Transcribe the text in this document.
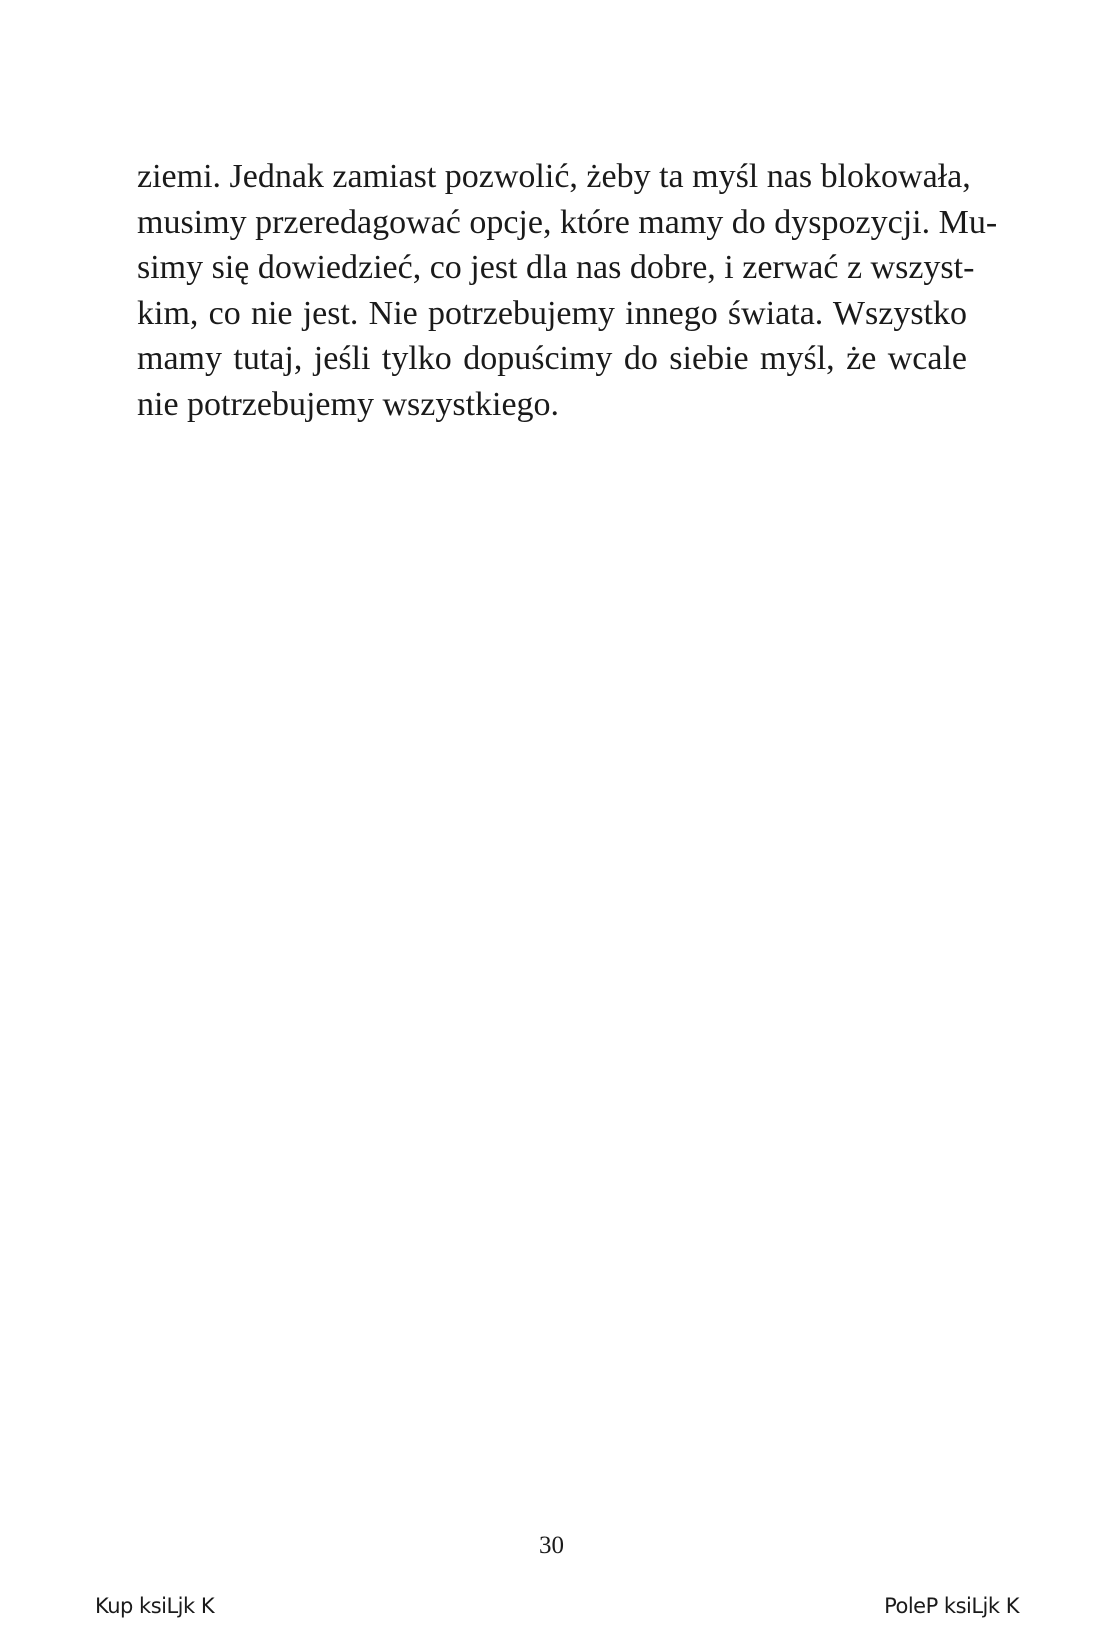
ziemi. Jednak zamiast pozwolić, żeby ta myśl nas blokowała,
musimy przeredagować opcje, które mamy do dyspozycji. Mu-
simy się dowiedzieć, co jest dla nas dobre, i zerwać z wszyst-
kim, co nie jest. Nie potrzebujemy innego świata. Wszystko
mamy tutaj, jeśli tylko dopuścimy do siebie myśl, że wcale
nie potrzebujemy wszystkiego.
30
Kup ksiLjk K	PoleP ksiLjk K
